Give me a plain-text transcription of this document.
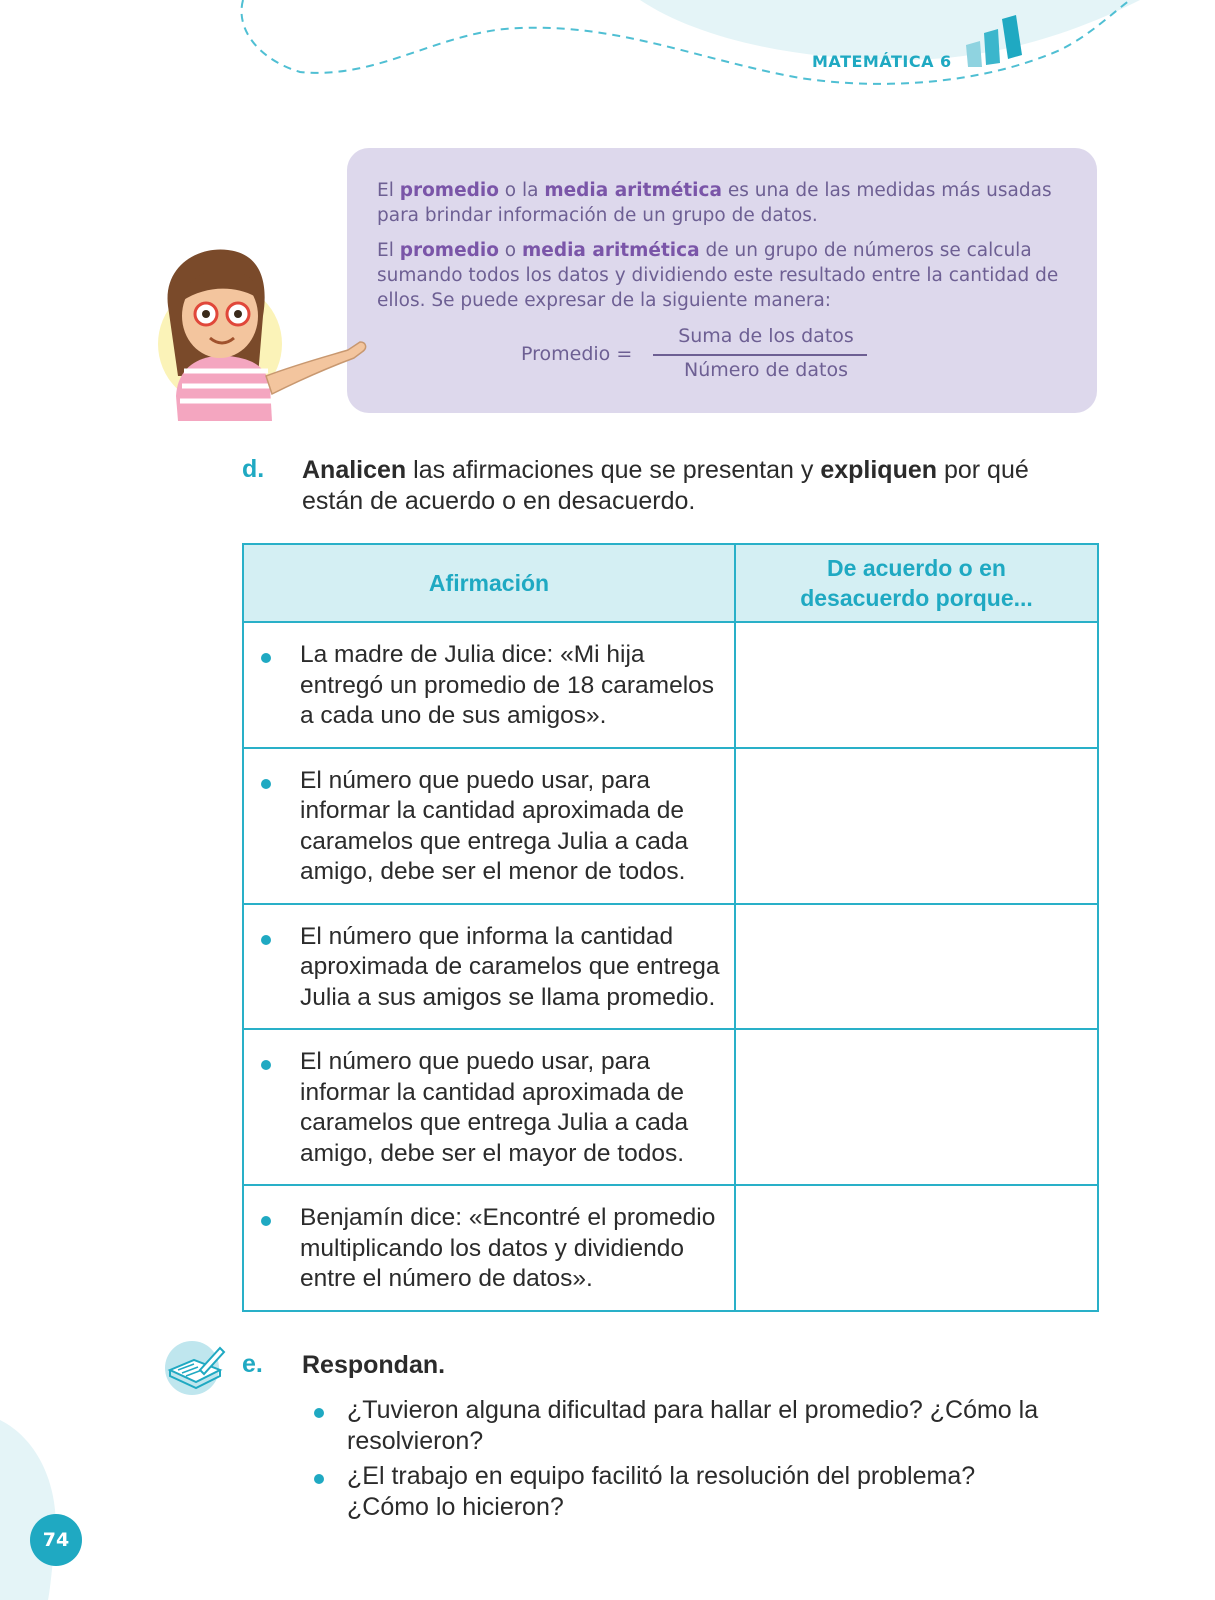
MATEMÁTICA 6

El promedio o la media aritmética es una de las medidas más usadas para brindar información de un grupo de datos.

El promedio o media aritmética de un grupo de números se calcula sumando todos los datos y dividiendo este resultado entre la cantidad de ellos. Se puede expresar de la siguiente manera:

Promedio =
Suma de los datos
Número de datos
d. Analicen las afirmaciones que se presentan y expliquen por qué están de acuerdo o en desacuerdo.
Afirmación	De acuerdo o en desacuerdo porque...

La madre de Julia dice: «Mi hija entregó un promedio de 18 caramelos a cada uno de sus amigos».	

El número que puedo usar, para informar la cantidad aproximada de caramelos que entrega Julia a cada amigo, debe ser el menor de todos.	

El número que informa la cantidad aproximada de caramelos que entrega Julia a sus amigos se llama promedio.	

El número que puedo usar, para informar la cantidad aproximada de caramelos que entrega Julia a cada amigo, debe ser el mayor de todos.	

Benjamín dice: «Encontré el promedio multiplicando los datos y dividiendo entre el número de datos».	

e. Respondan.
¿Tuvieron alguna dificultad para hallar el promedio? ¿Cómo la resolvieron?
¿El trabajo en equipo facilitó la resolución del problema? ¿Cómo lo hicieron?
74
